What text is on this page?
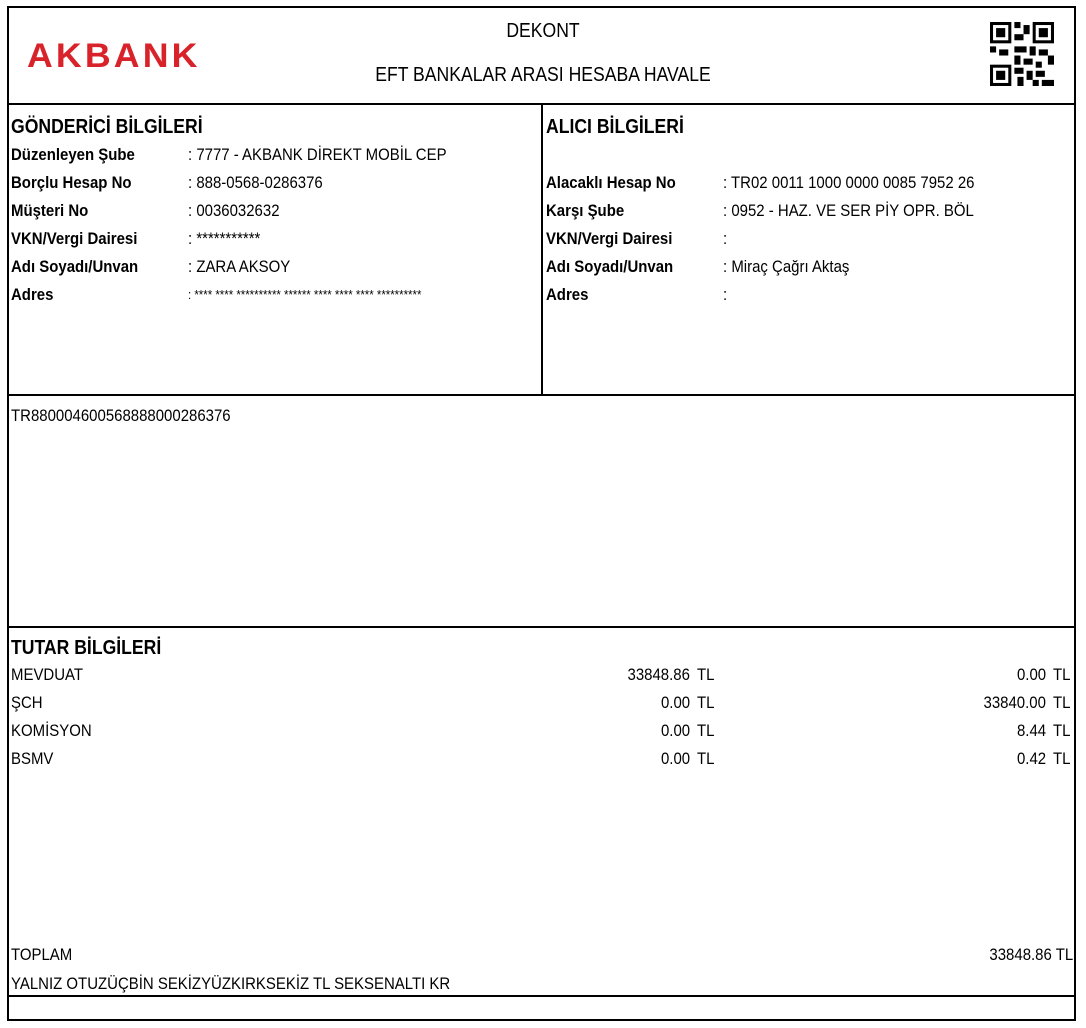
AKBANK
DEKONT
EFT BANKALAR ARASI HESABA HAVALE
GÖNDERİCİ BİLGİLERİ
Düzenleyen Şube	: 7777 - AKBANK DİREKT MOBİL CEP
Borçlu Hesap No	: 888-0568-0286376
Müşteri No	: 0036032632
VKN/Vergi Dairesi	: ***********
Adı Soyadı/Unvan	: ZARA AKSOY
Adres	: **** **** ********** ****** **** **** **** **********
ALICI BİLGİLERİ
Alacaklı Hesap No	: TR02 0011 1000 0000 0085 7952 26
Karşı Şube	: 0952 - HAZ. VE SER PİY OPR. BÖL
VKN/Vergi Dairesi	:
Adı Soyadı/Unvan	: Miraç Çağrı Aktaş
Adres	:
TR880004600568888000286376
TUTAR BİLGİLERİ
MEVDUAT	33848.86 TL	0.00 TL
ŞCH	0.00 TL	33840.00 TL
KOMİSYON	0.00 TL	8.44 TL
BSMV	0.00 TL	0.42 TL
TOPLAM	33848.86 TL
YALNIZ OTUZÜÇBİN SEKİZYÜZKIRKSEKİZ TL SEKSENALTI KR
